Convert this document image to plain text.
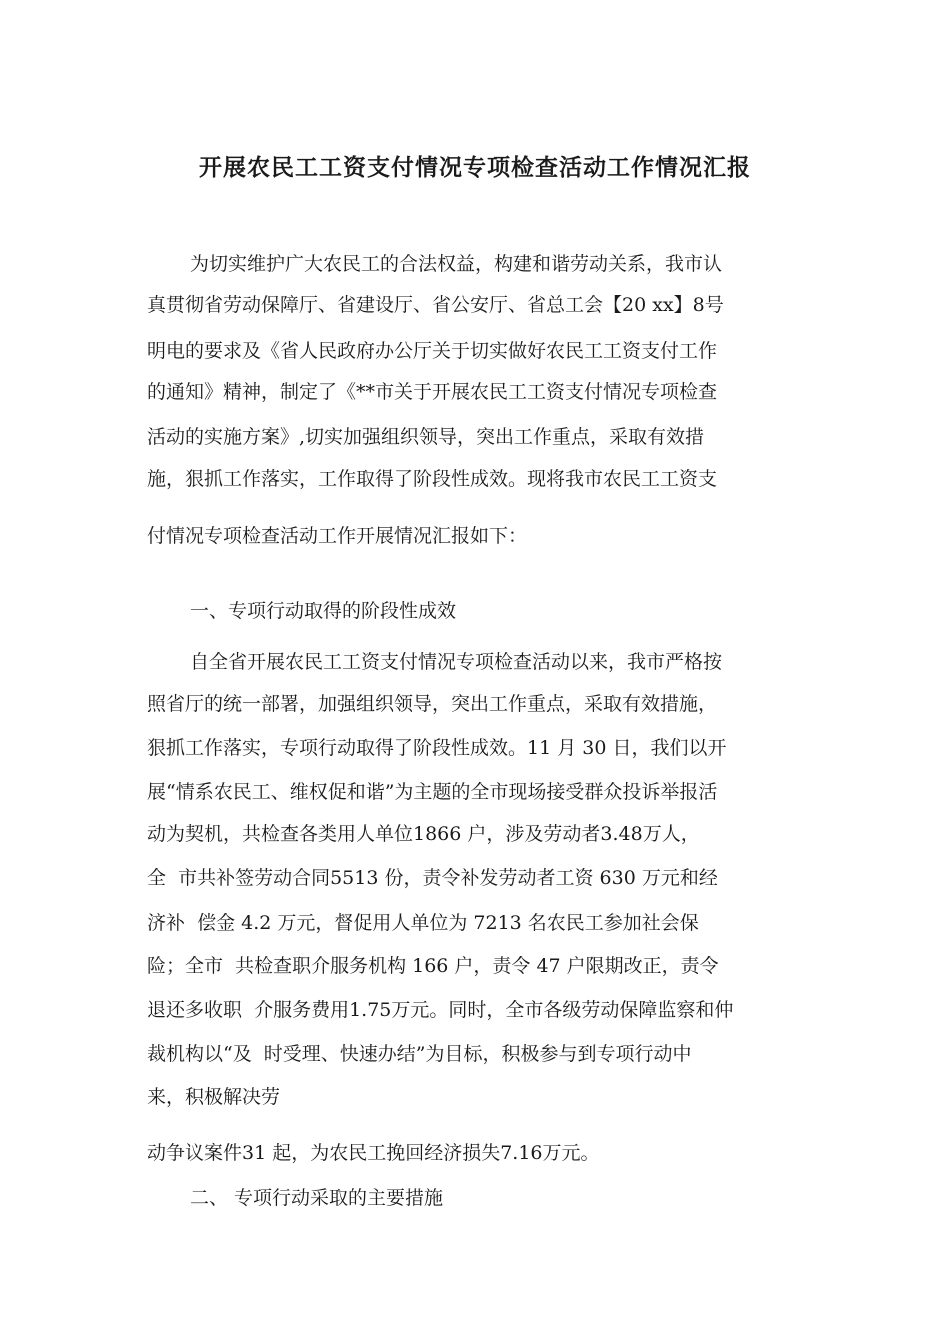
开展农民工工资支付情况专项检查活动工作情况汇报

为切实维护广大农民工的合法权益，构建和谐劳动关系，我市认

真贯彻省劳动保障厅、省建设厅、省公安厅、省总工会【20 xx】8号

明电的要求及《省人民政府办公厅关于切实做好农民工工资支付工作

的通知》精神，制定了《**市关于开展农民工工资支付情况专项检查

活动的实施方案》,切实加强组织领导，突出工作重点，采取有效措

施，狠抓工作落实，工作取得了阶段性成效。现将我市农民工工资支

付情况专项检查活动工作开展情况汇报如下：

一、专项行动取得的阶段性成效

自全省开展农民工工资支付情况专项检查活动以来，我市严格按

照省厅的统一部署，加强组织领导，突出工作重点，采取有效措施，

狠抓工作落实，专项行动取得了阶段性成效。11 月 30 日，我们以开

展“情系农民工、维权促和谐”为主题的全市现场接受群众投诉举报活

动为契机，共检查各类用人单位1866 户，涉及劳动者3.48万人，

全  市共补签劳动合同5513 份，责令补发劳动者工资 630 万元和经

济补  偿金 4.2 万元，督促用人单位为 7213 名农民工参加社会保

险；全市  共检查职介服务机构 166 户，责令 47 户限期改正，责令

退还多收职  介服务费用1.75万元。同时，全市各级劳动保障监察和仲

裁机构以“及  时受理、快速办结”为目标，积极参与到专项行动中

来，积极解决劳

动争议案件31 起，为农民工挽回经济损失7.16万元。

二、 专项行动采取的主要措施
